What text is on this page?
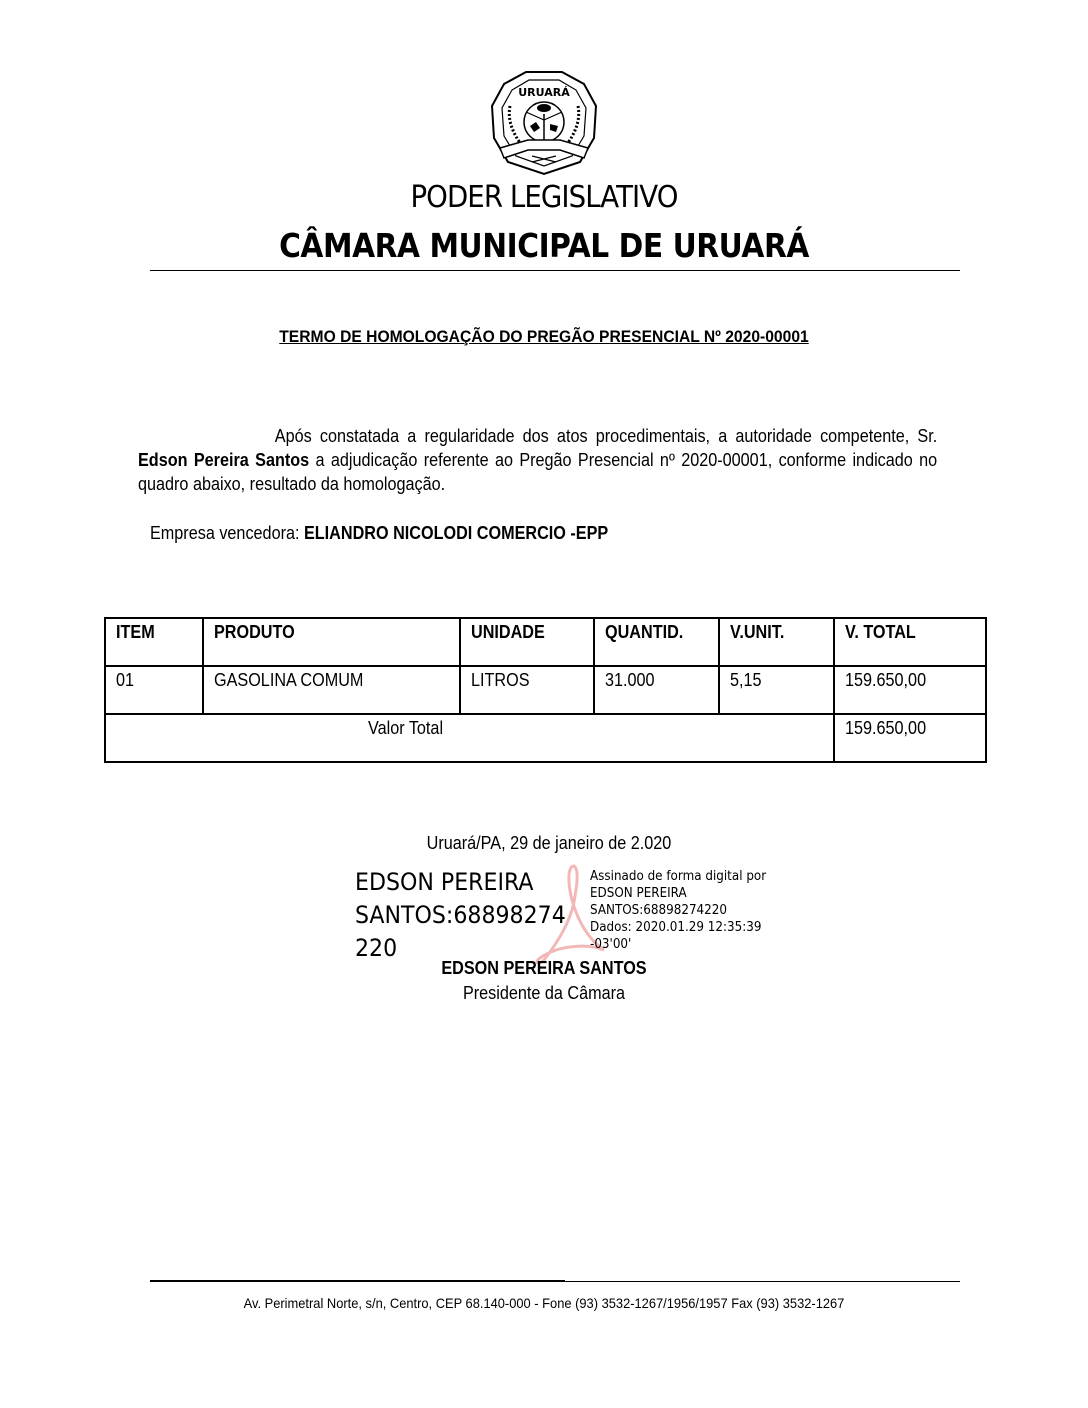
URUARÁ
PODER LEGISLATIVO
CÂMARA MUNICIPAL DE URUARÁ
TERMO DE HOMOLOGAÇÃO DO PREGÃO PRESENCIAL Nº 2020-00001
Após constatada a regularidade dos atos procedimentais, a autoridade competente, Sr. Edson Pereira Santos a adjudicação referente ao Pregão Presencial nº 2020-00001, conforme indicado no quadro abaixo, resultado da homologação.
Empresa vencedora: ELIANDRO NICOLODI COMERCIO -EPP
ITEM	PRODUTO	UNIDADE	QUANTID.	V.UNIT.	V. TOTAL
01	GASOLINA COMUM	LITROS	31.000	5,15	159.650,00
Valor Total					159.650,00
Uruará/PA, 29 de janeiro de 2.020
EDSON PEREIRA
SANTOS:68898274
220
Assinado de forma digital por
EDSON PEREIRA
SANTOS:68898274220
Dados: 2020.01.29 12:35:39
-03'00'
EDSON PEREIRA SANTOS
Presidente da Câmara
Av. Perimetral Norte, s/n, Centro, CEP 68.140-000 - Fone (93) 3532-1267/1956/1957 Fax (93) 3532-1267
